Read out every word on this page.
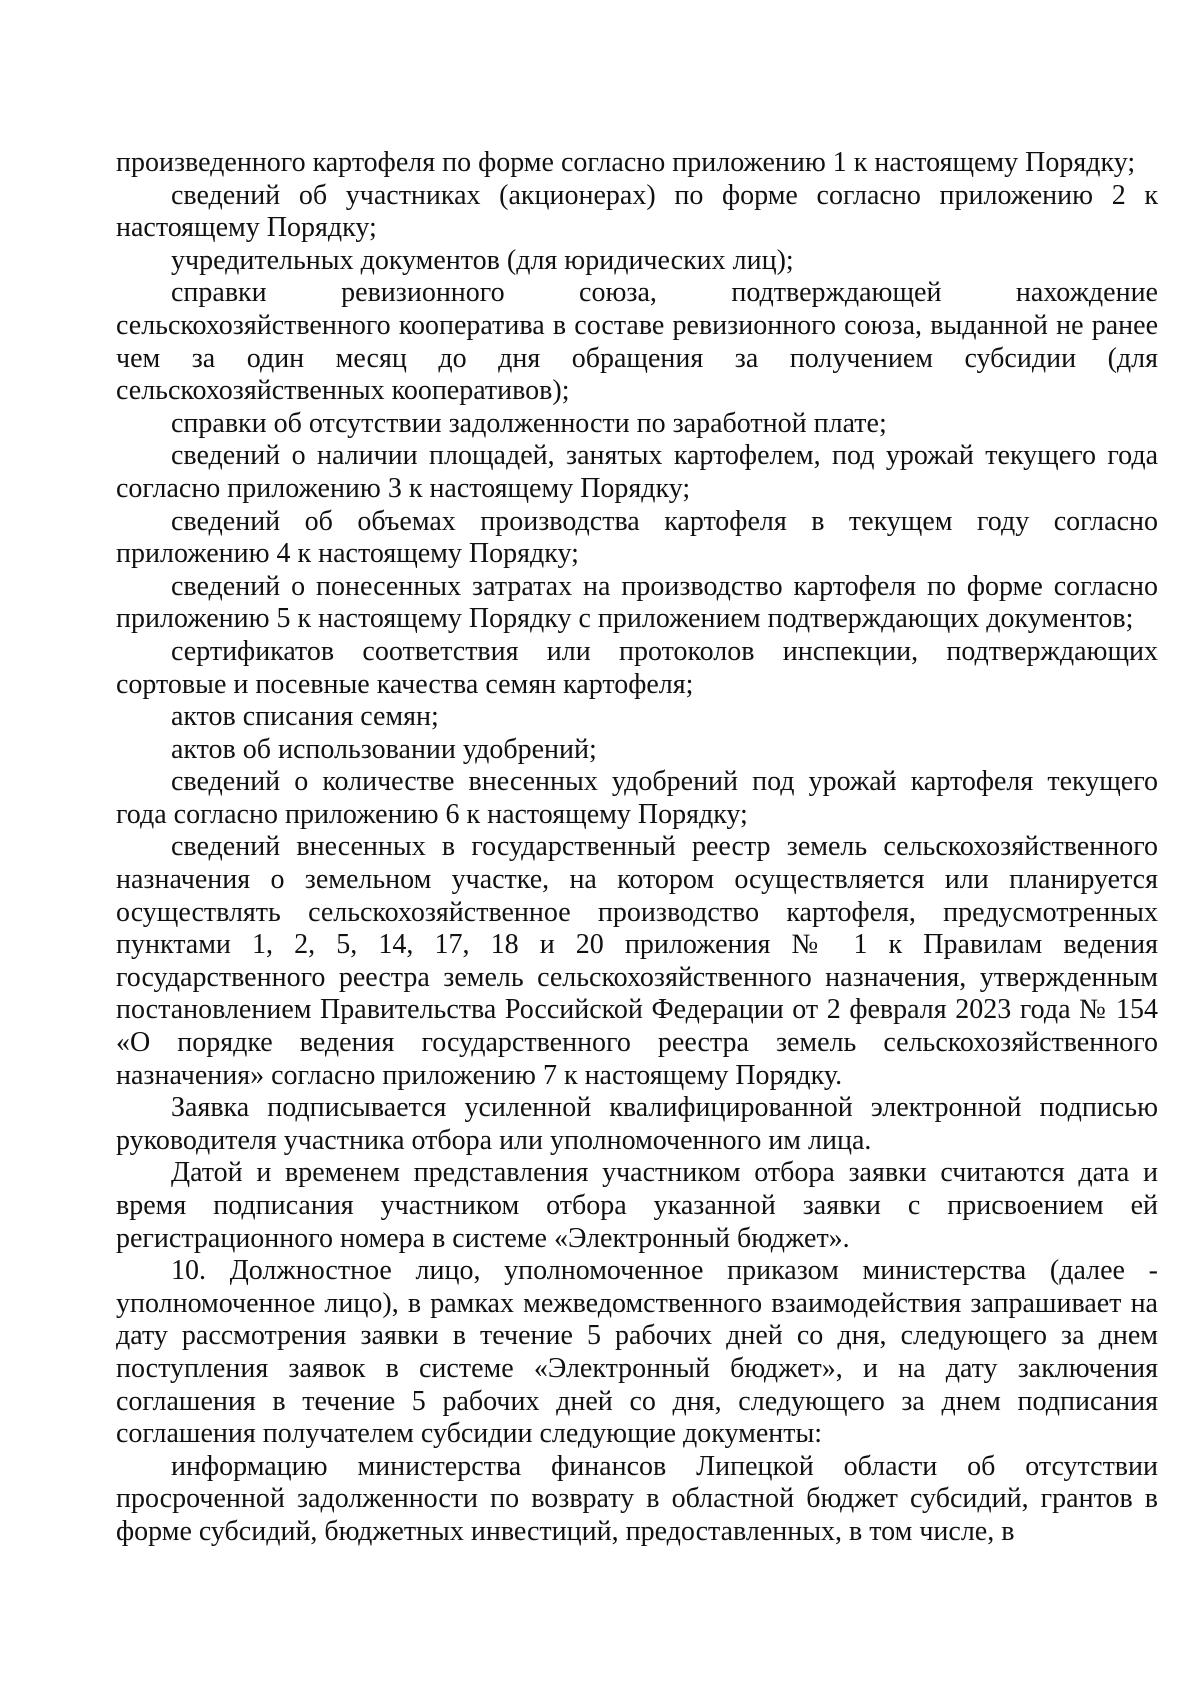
произведенного картофеля по форме согласно приложению 1 к настоящему Порядку;

сведений об участниках (акционерах) по форме согласно приложению 2 к настоящему Порядку;

учредительных документов (для юридических лиц);

справки ревизионного союза, подтверждающей нахождение сельскохозяйственного кооператива в составе ревизионного союза, выданной не ранее чем за один месяц до дня обращения за получением субсидии (для сельскохозяйственных кооперативов);

справки об отсутствии задолженности по заработной плате;

сведений о наличии площадей, занятых картофелем, под урожай текущего года согласно приложению 3 к настоящему Порядку;

сведений об объемах производства картофеля в текущем году согласно приложению 4 к настоящему Порядку;

сведений о понесенных затратах на производство картофеля по форме согласно приложению 5 к настоящему Порядку с приложением подтверждающих документов;

сертификатов соответствия или протоколов инспекции, подтверждающих сортовые и посевные качества семян картофеля;

актов списания семян;

актов об использовании удобрений;

сведений о количестве внесенных удобрений под урожай картофеля текущего года согласно приложению 6 к настоящему Порядку;

сведений внесенных в государственный реестр земель сельскохозяйственного назначения о земельном участке, на котором осуществляется или планируется осуществлять сельскохозяйственное производство картофеля, предусмотренных пунктами 1, 2, 5, 14, 17, 18 и 20 приложения № 1 к Правилам ведения государственного реестра земель сельскохозяйственного назначения, утвержденным постановлением Правительства Российской Федерации от 2 февраля 2023 года № 154 «О порядке ведения государственного реестра земель сельскохозяйственного назначения» согласно приложению 7 к настоящему Порядку.

Заявка подписывается усиленной квалифицированной электронной подписью руководителя участника отбора или уполномоченного им лица.

Датой и временем представления участником отбора заявки считаются дата и время подписания участником отбора указанной заявки с присвоением ей регистрационного номера в системе «Электронный бюджет».

10. Должностное лицо, уполномоченное приказом министерства (далее - уполномоченное лицо), в рамках межведомственного взаимодействия запрашивает на дату рассмотрения заявки в течение 5 рабочих дней со дня, следующего за днем поступления заявок в системе «Электронный бюджет», и на дату заключения соглашения в течение 5 рабочих дней со дня, следующего за днем подписания соглашения получателем субсидии следующие документы:

информацию министерства финансов Липецкой области об отсутствии просроченной задолженности по возврату в областной бюджет субсидий, грантов в форме субсидий, бюджетных инвестиций, предоставленных, в том числе, в
